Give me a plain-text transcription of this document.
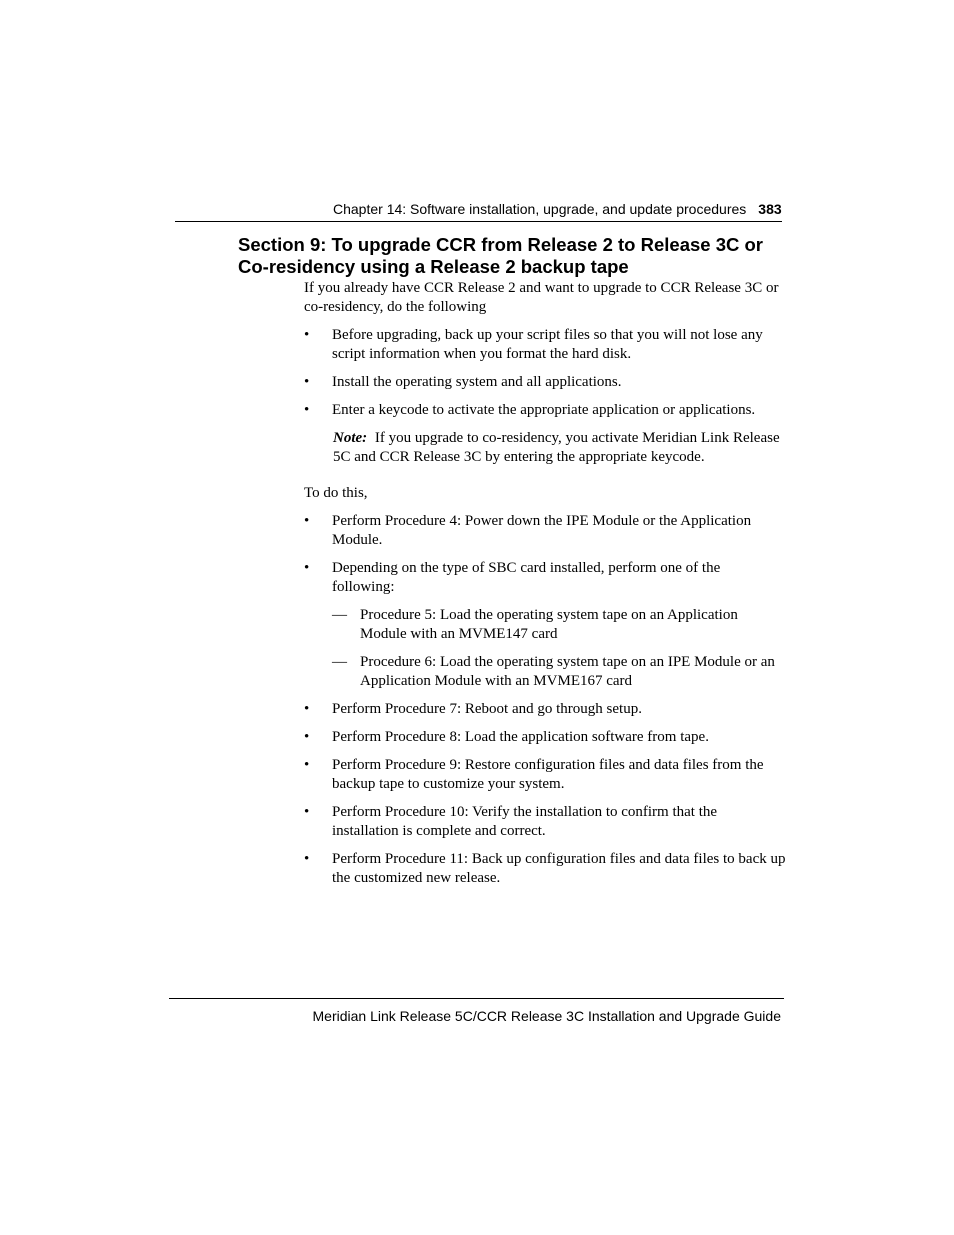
Chapter 14: Software installation, upgrade, and update procedures 383
Section 9: To upgrade CCR from Release 2 to Release 3C or Co-residency using a Release 2 backup tape

If you already have CCR Release 2 and want to upgrade to CCR Release 3C or co-residency, do the following

• Before upgrading, back up your script files so that you will not lose any script information when you format the hard disk.
• Install the operating system and all applications.
• Enter a keycode to activate the appropriate application or applications.

Note: If you upgrade to co-residency, you activate Meridian Link Release 5C and CCR Release 3C by entering the appropriate keycode.

To do this,

• Perform Procedure 4: Power down the IPE Module or the Application Module.
• Depending on the type of SBC card installed, perform one of the following:
— Procedure 5: Load the operating system tape on an Application Module with an MVME147 card
— Procedure 6: Load the operating system tape on an IPE Module or an Application Module with an MVME167 card
• Perform Procedure 7: Reboot and go through setup.
• Perform Procedure 8: Load the application software from tape.
• Perform Procedure 9: Restore configuration files and data files from the backup tape to customize your system.
• Perform Procedure 10: Verify the installation to confirm that the installation is complete and correct.
• Perform Procedure 11: Back up configuration files and data files to back up the customized new release.
Meridian Link Release 5C/CCR Release 3C Installation and Upgrade Guide
